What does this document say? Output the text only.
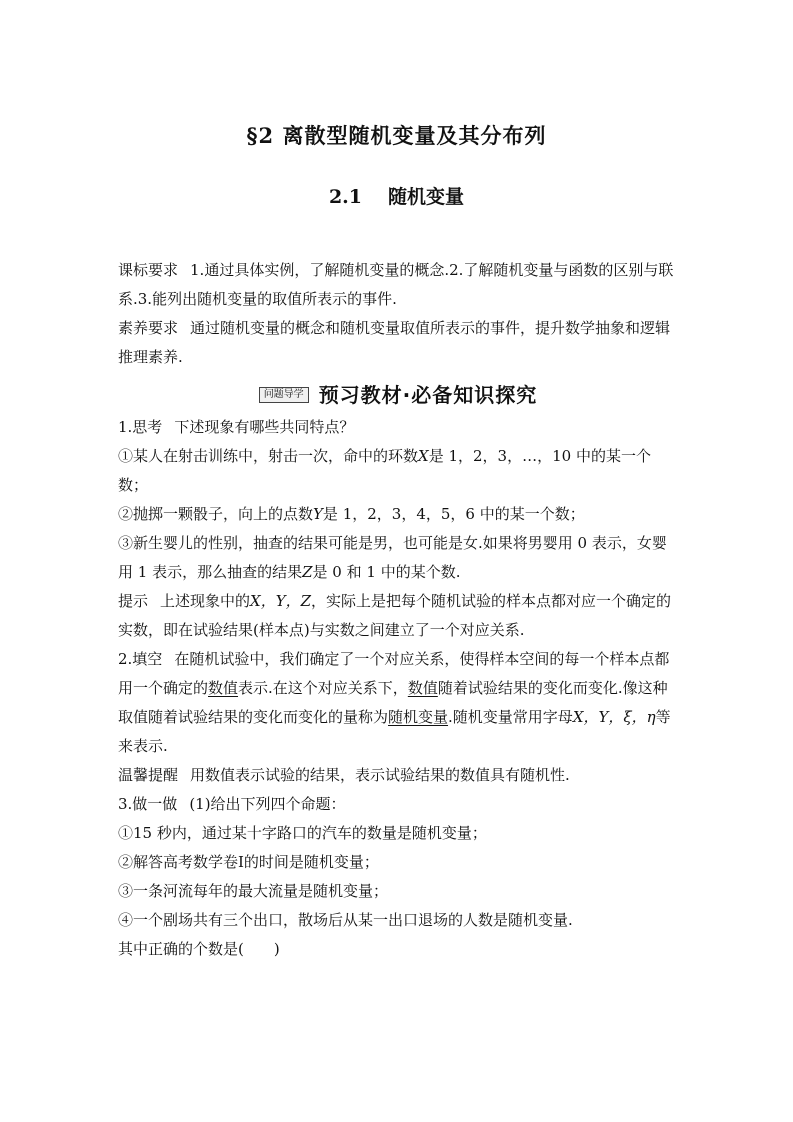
§2 离散型随机变量及其分布列
2.1 随机变量

课标要求 1.通过具体实例，了解随机变量的概念.2.了解随机变量与函数的区别与联系.3.能列出随机变量的取值所表示的事件.

素养要求 通过随机变量的概念和随机变量取值所表示的事件，提升数学抽象和逻辑推理素养.

问题导学 预习教材·必备知识探究

1.思考 下述现象有哪些共同特点？

①某人在射击训练中，射击一次，命中的环数X是 1，2，3，…，10 中的某一个数；

②抛掷一颗骰子，向上的点数Y是 1，2，3，4，5，6 中的某一个数；

③新生婴儿的性别，抽查的结果可能是男，也可能是女.如果将男婴用 0 表示，女婴用 1 表示，那么抽查的结果Z是 0 和 1 中的某个数.

提示 上述现象中的X，Y，Z，实际上是把每个随机试验的样本点都对应一个确定的实数，即在试验结果(样本点)与实数之间建立了一个对应关系.

2.填空 在随机试验中，我们确定了一个对应关系，使得样本空间的每一个样本点都用一个确定的数值表示.在这个对应关系下，数值随着试验结果的变化而变化.像这种取值随着试验结果的变化而变化的量称为随机变量.随机变量常用字母X，Y，ξ，η等来表示.

温馨提醒 用数值表示试验的结果，表示试验结果的数值具有随机性.

3.做一做 (1)给出下列四个命题：

①15 秒内，通过某十字路口的汽车的数量是随机变量；

②解答高考数学卷Ⅰ的时间是随机变量；

③一条河流每年的最大流量是随机变量；

④一个剧场共有三个出口，散场后从某一出口退场的人数是随机变量.

其中正确的个数是(　　)
